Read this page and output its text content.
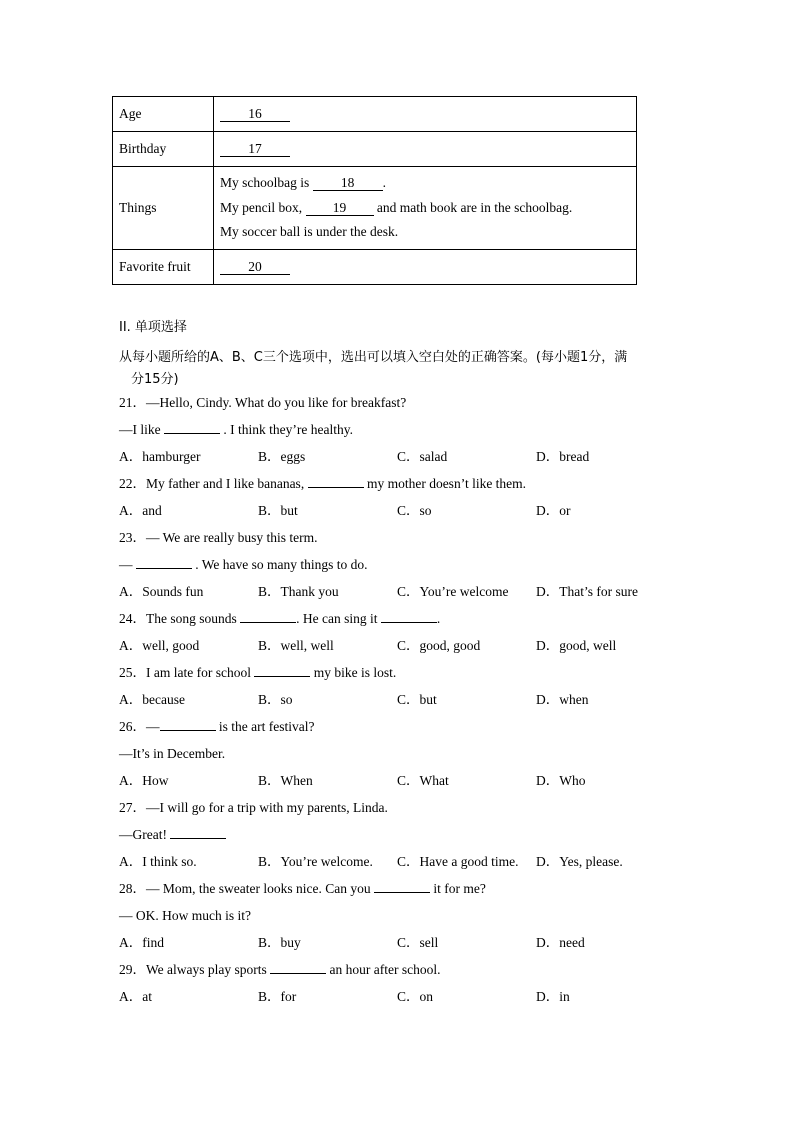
Age	16
Birthday	17
Things	My schoolbag is 18 .
My pencil box, 19 and math book are in the schoolbag.
My soccer ball is under the desk.

Favorite fruit	20
II. 单项选择
从每小题所给的A、B、C三个选项中，选出可以填入空白处的正确答案。(每小题1分，满
分15分)
21．—Hello, Cindy. What do you like for breakfast?
—I like	. I think they’re healthy.
A．hamburger	B．eggs	C．salad	D．bread
22．My father and I like bananas,	my mother doesn’t like them.
A．and	B．but	C．so	D．or
23．— We are really busy this term.
—	. We have so many things to do.
A．Sounds fun	B．Thank you	C．You’re welcome D．That’s for sure
24．The song sounds	. He can sing it	.
A．well, good	B．well, well	C．good, good	D．good, well
25．I am late for school	my bike is lost.
A．because	B．so	C．but	D．when
26．—	is the art festival?
—It’s in December.
A．How	B．When	C．What	D．Who
27．—I will go for a trip with my parents, Linda.
—Great!
A．I think so.	B．You’re welcome. C．Have a good time. D．Yes, please.
28．— Mom, the sweater looks nice. Can you	it for me?
— OK. How much is it?
A．find	B．buy	C．sell	D．need
29．We always play sports	an hour after school.
A．at	B．for	C．on	D．in
